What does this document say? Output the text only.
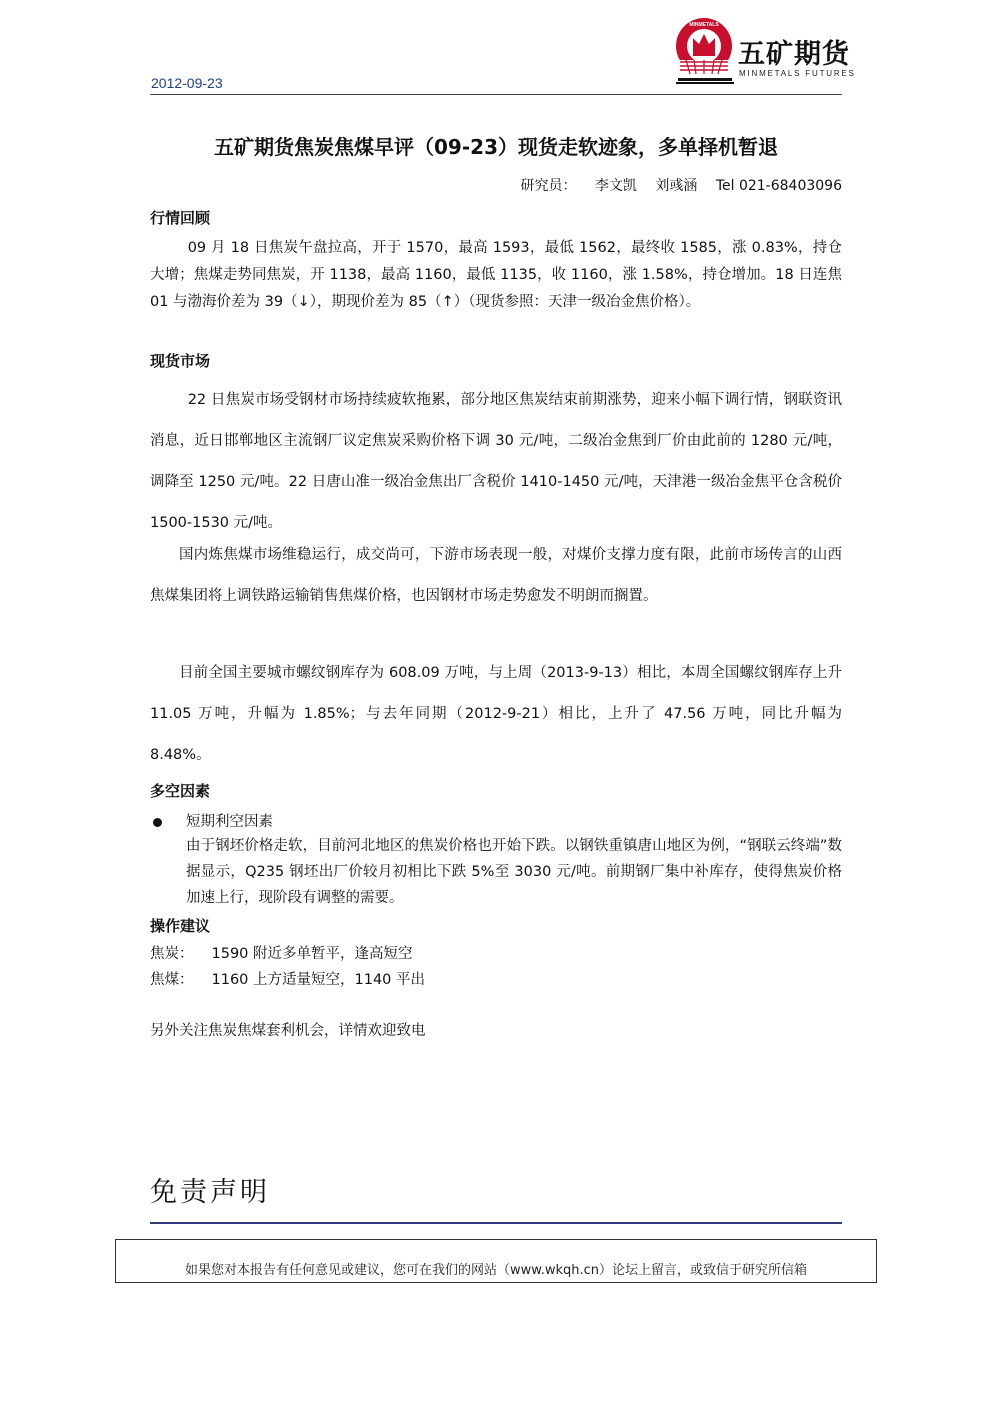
2012-09-23
MINMETALS
五矿期货
MINMETALS FUTURES
五矿期货焦炭焦煤早评（09-23）现货走软迹象，多单择机暂退
研究员： 李文凯 刘彧涵 Tel 021-68403096
行情回顾
09 月 18 日焦炭午盘拉高，开于 1570，最高 1593，最低 1562，最终收 1585，涨 0.83%，持仓大增；焦煤走势同焦炭，开 1138，最高 1160，最低 1135，收 1160，涨 1.58%，持仓增加。18 日连焦 01 与渤海价差为 39（↓），期现价差为 85（↑）（现货参照：天津一级冶金焦价格）。
现货市场
22 日焦炭市场受钢材市场持续疲软拖累，部分地区焦炭结束前期涨势，迎来小幅下调行情，钢联资讯消息，近日邯郸地区主流钢厂议定焦炭采购价格下调 30 元/吨，二级冶金焦到厂价由此前的 1280 元/吨，调降至 1250 元/吨。22 日唐山准一级冶金焦出厂含税价 1410-1450 元/吨，天津港一级冶金焦平仓含税价 1500-1530 元/吨。
国内炼焦煤市场维稳运行，成交尚可，下游市场表现一般，对煤价支撑力度有限，此前市场传言的山西焦煤集团将上调铁路运输销售焦煤价格，也因钢材市场走势愈发不明朗而搁置。
目前全国主要城市螺纹钢库存为 608.09 万吨，与上周（2013-9-13）相比，本周全国螺纹钢库存上升 11.05 万吨，升幅为 1.85%；与去年同期（2012-9-21）相比，上升了 47.56 万吨，同比升幅为 8.48%。
多空因素
短期利空因素
由于钢坯价格走软，目前河北地区的焦炭价格也开始下跌。以钢铁重镇唐山地区为例，“钢联云终端”数据显示，Q235 钢坯出厂价较月初相比下跌 5%至 3030 元/吨。前期钢厂集中补库存，使得焦炭价格加速上行，现阶段有调整的需要。
操作建议
焦炭： 1590 附近多单暂平，逢高短空
焦煤： 1160 上方适量短空，1140 平出
另外关注焦炭焦煤套利机会，详情欢迎致电
免责声明
如果您对本报告有任何意见或建议，您可在我们的网站（www.wkqh.cn）论坛上留言，或致信于研究所信箱
